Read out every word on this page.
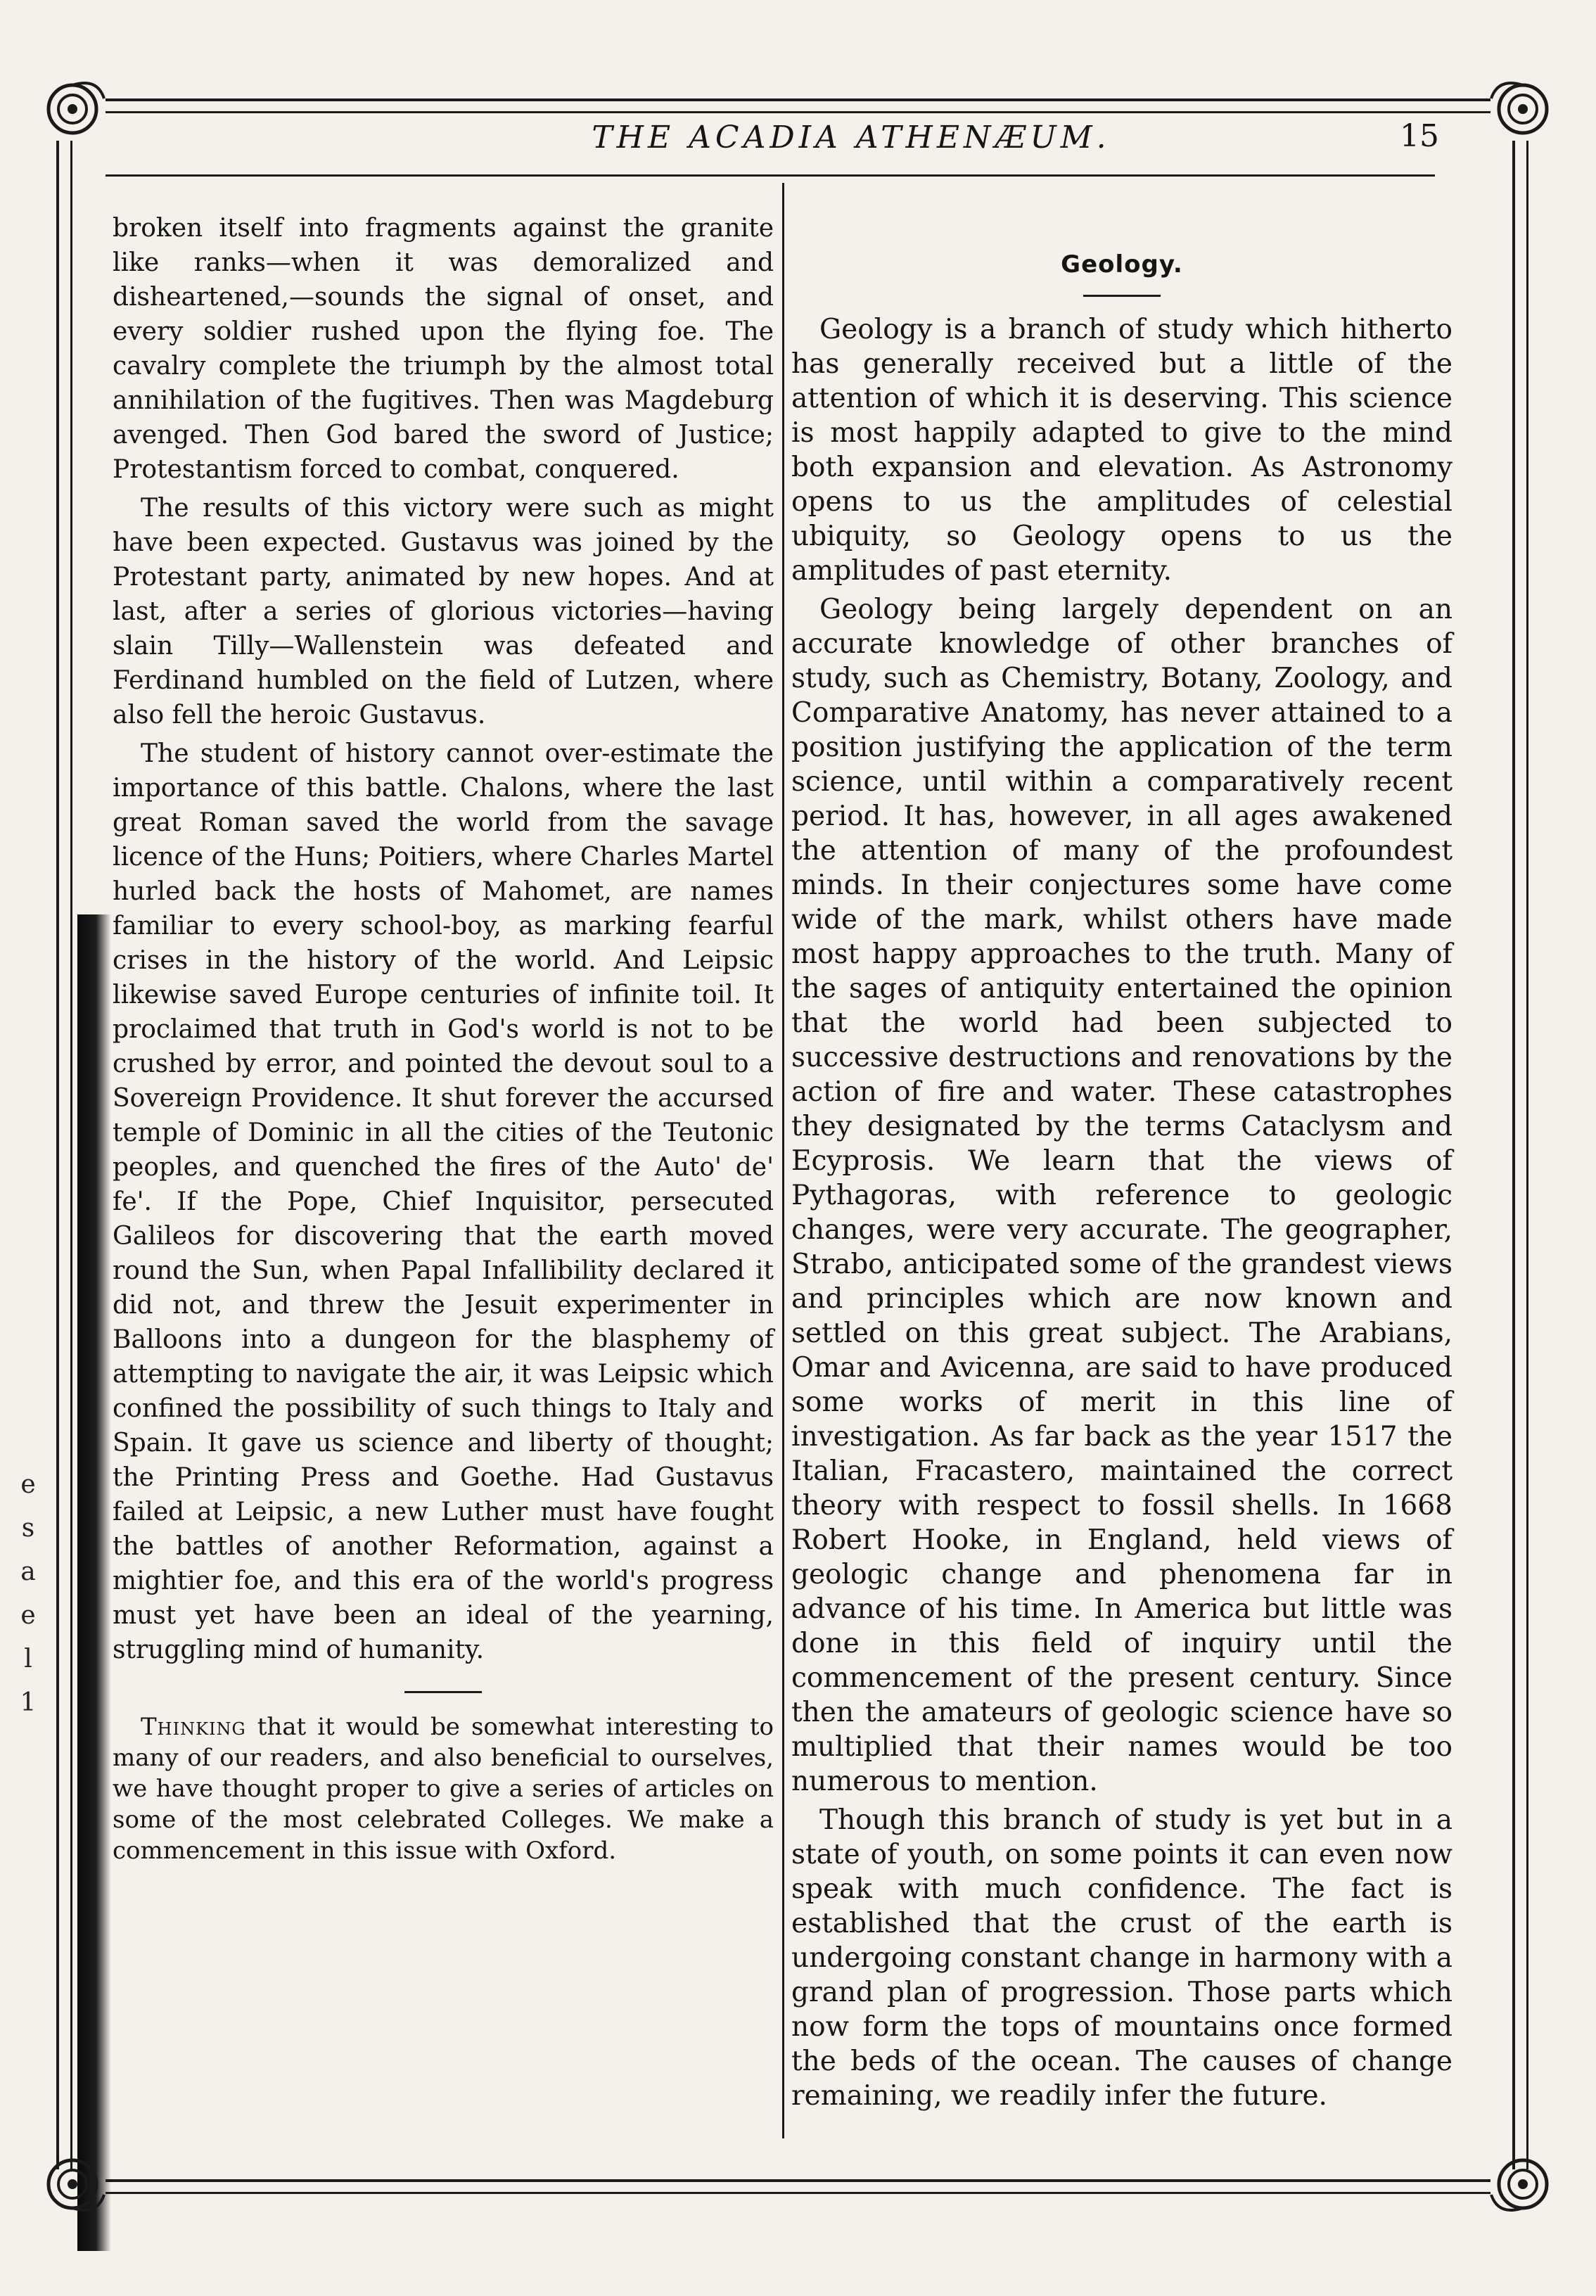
THE ACADIA ATHENÆUM.	15

broken itself into fragments against the granite like ranks—when it was demoralized and disheartened,—sounds the signal of onset, and every soldier rushed upon the flying foe. The cavalry complete the triumph by the almost total annihilation of the fugitives. Then was Magdeburg avenged. Then God bared the sword of Justice; Protestantism forced to combat, conquered.

The results of this victory were such as might have been expected. Gustavus was joined by the Protestant party, animated by new hopes. And at last, after a series of glorious victories—having slain Tilly—Wallenstein was defeated and Ferdinand humbled on the field of Lutzen, where also fell the heroic Gustavus.

The student of history cannot over-estimate the importance of this battle. Chalons, where the last great Roman saved the world from the savage licence of the Huns; Poitiers, where Charles Martel hurled back the hosts of Mahomet, are names familiar to every school-boy, as marking fearful crises in the history of the world. And Leipsic likewise saved Europe centuries of infinite toil. It proclaimed that truth in God's world is not to be crushed by error, and pointed the devout soul to a Sovereign Providence. It shut forever the accursed temple of Dominic in all the cities of the Teutonic peoples, and quenched the fires of the Auto' de' fe'. If the Pope, Chief Inquisitor, persecuted Galileos for discovering that the earth moved round the Sun, when Papal Infallibility declared it did not, and threw the Jesuit experimenter in Balloons into a dungeon for the blasphemy of attempting to navigate the air, it was Leipsic which confined the possibility of such things to Italy and Spain. It gave us science and liberty of thought; the Printing Press and Goethe. Had Gustavus failed at Leipsic, a new Luther must have fought the battles of another Reformation, against a mightier foe, and this era of the world's progress must yet have been an ideal of the yearning, struggling mind of humanity.

Thinking that it would be somewhat interesting to many of our readers, and also beneficial to ourselves, we have thought proper to give a series of articles on some of the most celebrated Colleges. We make a commencement in this issue with Oxford.

Geology.

Geology is a branch of study which hitherto has generally received but a little of the attention of which it is deserving. This science is most happily adapted to give to the mind both expansion and elevation. As Astronomy opens to us the amplitudes of celestial ubiquity, so Geology opens to us the amplitudes of past eternity.

Geology being largely dependent on an accurate knowledge of other branches of study, such as Chemistry, Botany, Zoology, and Comparative Anatomy, has never attained to a position justifying the application of the term science, until within a comparatively recent period. It has, however, in all ages awakened the attention of many of the profoundest minds. In their conjectures some have come wide of the mark, whilst others have made most happy approaches to the truth. Many of the sages of antiquity entertained the opinion that the world had been subjected to successive destructions and renovations by the action of fire and water. These catastrophes they designated by the terms Cataclysm and Ecyprosis. We learn that the views of Pythagoras, with reference to geologic changes, were very accurate. The geographer, Strabo, anticipated some of the grandest views and principles which are now known and settled on this great subject. The Arabians, Omar and Avicenna, are said to have produced some works of merit in this line of investigation. As far back as the year 1517 the Italian, Fracastero, maintained the correct theory with respect to fossil shells. In 1668 Robert Hooke, in England, held views of geologic change and phenomena far in advance of his time. In America but little was done in this field of inquiry until the commencement of the present century. Since then the amateurs of geologic science have so multiplied that their names would be too numerous to mention.

Though this branch of study is yet but in a state of youth, on some points it can even now speak with much confidence. The fact is established that the crust of the earth is undergoing constant change in harmony with a grand plan of progression. Those parts which now form the tops of mountains once formed the beds of the ocean. The causes of change remaining, we readily infer the future.

e
s
a
e
l
1
